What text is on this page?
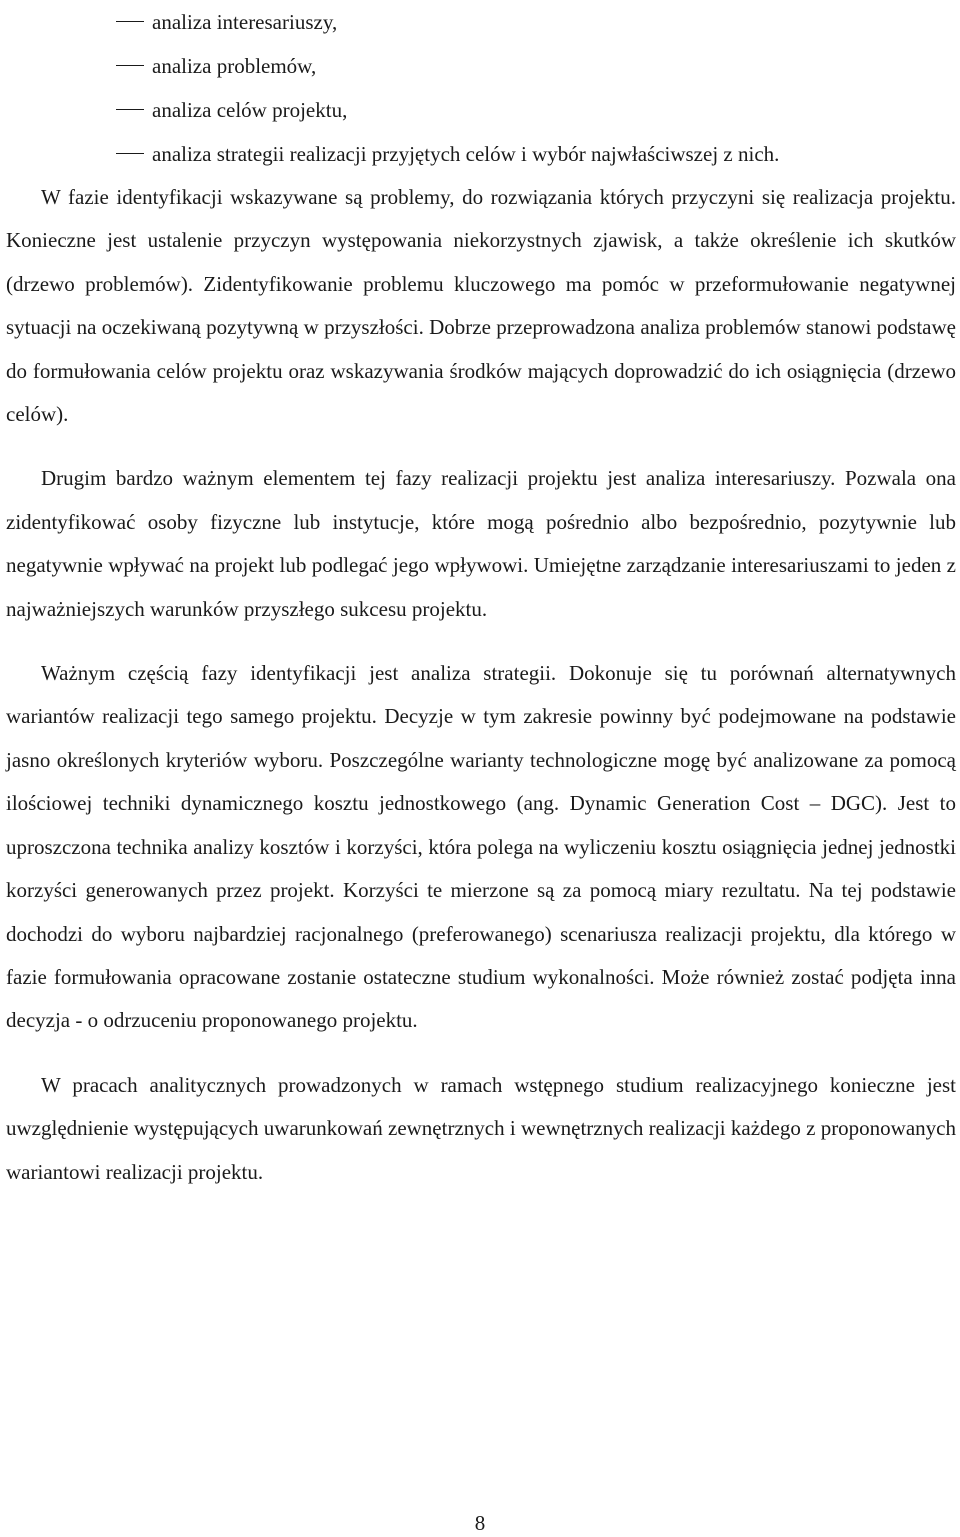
analiza interesariuszy,
analiza problemów,
analiza celów projektu,
analiza strategii realizacji przyjętych celów i wybór najwłaściwszej z nich.

W fazie identyfikacji wskazywane są problemy, do rozwiązania których przyczyni się realizacja projektu. Konieczne jest ustalenie przyczyn występowania niekorzystnych zjawisk, a także określenie ich skutków (drzewo problemów). Zidentyfikowanie problemu kluczowego ma pomóc w przeformułowanie negatywnej sytuacji na oczekiwaną pozytywną w przyszłości. Dobrze przeprowadzona analiza problemów stanowi podstawę do formułowania celów projektu oraz wskazywania środków mających doprowadzić do ich osiągnięcia (drzewo celów).

Drugim bardzo ważnym elementem tej fazy realizacji projektu jest analiza interesariuszy. Pozwala ona zidentyfikować osoby fizyczne lub instytucje, które mogą pośrednio albo bezpośrednio, pozytywnie lub negatywnie wpływać na projekt lub podlegać jego wpływowi. Umiejętne zarządzanie interesariuszami to jeden z najważniejszych warunków przyszłego sukcesu projektu.

Ważnym częścią fazy identyfikacji jest analiza strategii. Dokonuje się tu porównań alternatywnych wariantów realizacji tego samego projektu. Decyzje w tym zakresie powinny być podejmowane na podstawie jasno określonych kryteriów wyboru. Poszczególne warianty technologiczne mogę być analizowane za pomocą ilościowej techniki dynamicznego kosztu jednostkowego (ang. Dynamic Generation Cost – DGC). Jest to uproszczona technika analizy kosztów i korzyści, która polega na wyliczeniu kosztu osiągnięcia jednej jednostki korzyści generowanych przez projekt. Korzyści te mierzone są za pomocą miary rezultatu. Na tej podstawie dochodzi do wyboru najbardziej racjonalnego (preferowanego) scenariusza realizacji projektu, dla którego w fazie formułowania opracowane zostanie ostateczne studium wykonalności. Może również zostać podjęta inna decyzja - o odrzuceniu proponowanego projektu.

W pracach analitycznych prowadzonych w ramach wstępnego studium realizacyjnego konieczne jest uwzględnienie występujących uwarunkowań zewnętrznych i wewnętrznych realizacji każdego z proponowanych wariantowi realizacji projektu.

8
